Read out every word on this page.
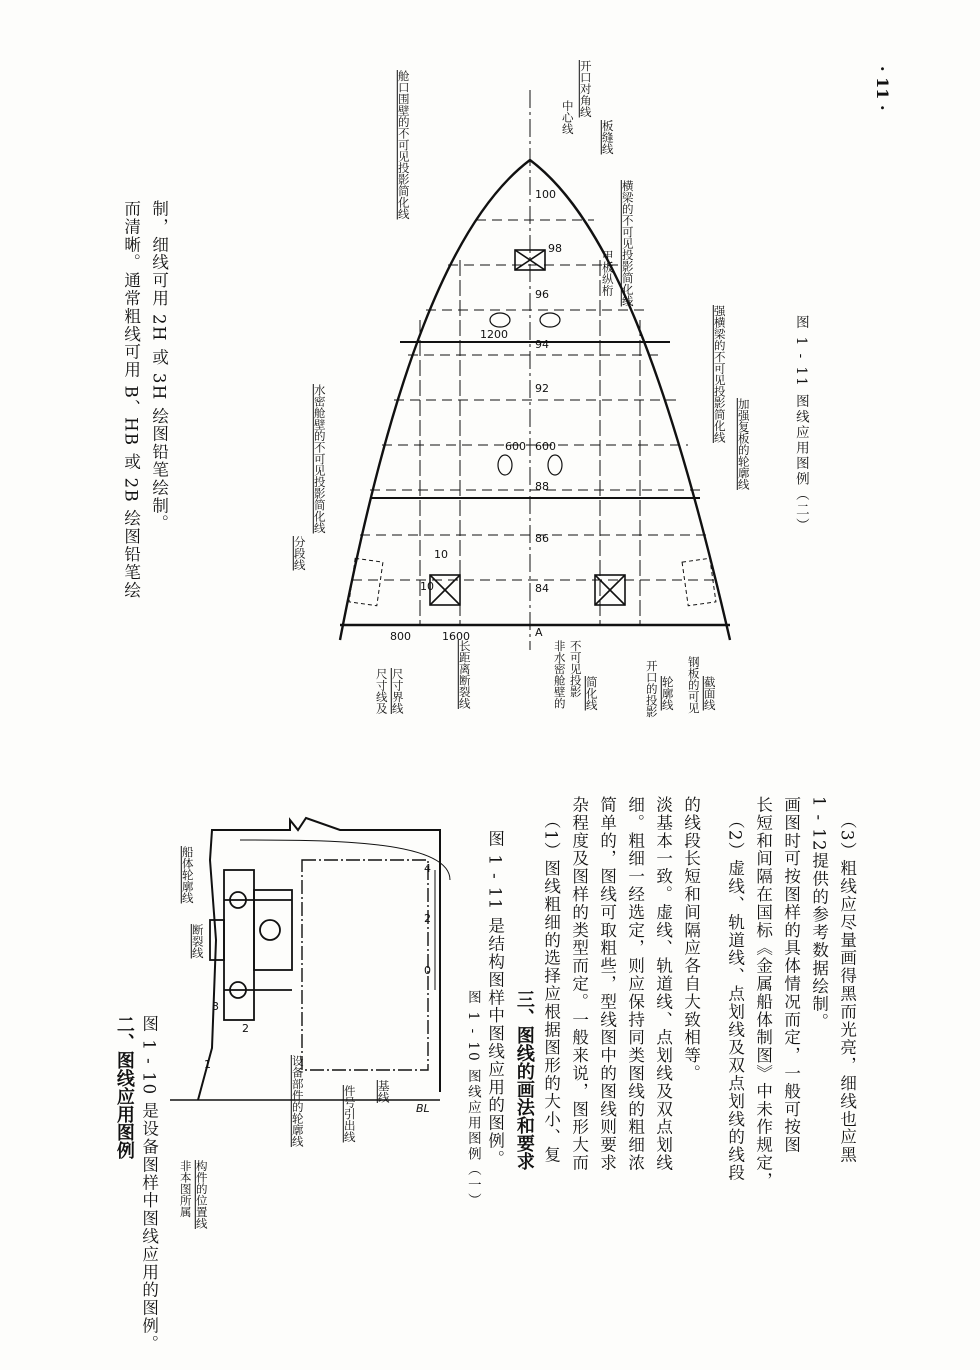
· 11 ·
二、图线应用图例 图 1 - 10 是设备图样中图线应用的图例。
0
2
4
1
2
3
BL
船体轮廓线
断裂线
非本图所属 构件的位置线
设备部件的轮廓线	件号引出线 基线	图 1 - 10 图线应用图例（一） 图 1 - 11 是结构图样中图线应用的图例。 三、图线的画法和要求 （1）图线粗细的选择应根据图形的大小、复 杂程度及图样的类型而定。一般来说，图形大而 简单的，图线可取粗些，型线图中的图线则要求 细。粗细一经选定，则应保持同类图线的粗细浓 淡基本一致。虚线、轨道线、点划线及双点划线 的线段长短和间隔应各自大致相等。 （2）虚线、轨道线、点划线及双点划线的线段 长短和间隔在国标《金属船体制图》中未作规定， 画图时可按图样的具体情况而定，一般可按图 1 - 12提供的参考数据绘制。 （3）粗线应尽量画得黑而光亮，细线也应黑
而清晰。通常粗线可用 B、HB 或 2B 绘图铅笔绘 制，细线可用 2H 或 3H 绘图铅笔绘制。
1600
800
10
10
600 600
1200
84
86
88
92
94
96
98
100
A
分段线
水密舱壁的不可见投影简化线
尺寸线及 尺寸界线	长距离断裂线	非水密舱壁的 不可见投影 简化线	开口的投影 轮廓线 钢板的可见 截面线
舱口围壁的不可见投影简化线
甲板纵桁 横梁的不可见投影简化线
板缝线
中心线 开口对角线
强横梁的不可见投影简化线
加强复板的轮廓线	图 1 - 11 图线应用图例（二）
